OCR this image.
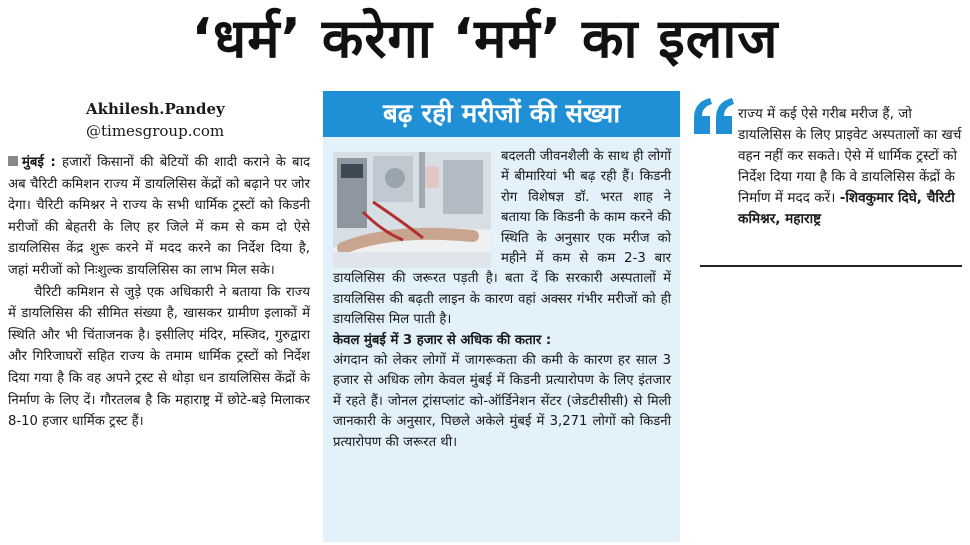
‘धर्म’ करेगा ‘मर्म’ का इलाज
Akhilesh.Pandey
@timesgroup.com

मुंबई : हजारों किसानों की बेटियों की शादी कराने के बाद अब चैरिटी कमिशन राज्य में डायलिसिस केंद्रों को बढ़ाने पर जोर देगा। चैरिटी कमिश्नर ने राज्य के सभी धार्मिक ट्रस्टों को किडनी मरीजों की बेहतरी के लिए हर जिले में कम से कम दो ऐसे डायलिसिस केंद्र शुरू करने में मदद करने का निर्देश दिया है, जहां मरीजों को निःशुल्क डायलिसिस का लाभ मिल सके।

चैरिटी कमिशन से जुड़े एक अधिकारी ने बताया कि राज्य में डायलिसिस की सीमित संख्या है, खासकर ग्रामीण इलाकों में स्थिति और भी चिंताजनक है। इसीलिए मंदिर, मस्जिद, गुरुद्वारा और गिरिजाघरों सहित राज्य के तमाम धार्मिक ट्रस्टों को निर्देश दिया गया है कि वह अपने ट्रस्ट से थोड़ा धन डायलिसिस केंद्रों के निर्माण के लिए दें। गौरतलब है कि महाराष्ट्र में छोटे-बड़े मिलाकर 8-10 हजार धार्मिक ट्रस्ट हैं।

बढ़ रही मरीजों की संख्या

बदलती जीवनशैली के साथ ही लोगों में बीमारियां भी बढ़ रही हैं। किडनी रोग विशेषज्ञ डॉ. भरत शाह ने बताया कि किडनी के काम करने की स्थिति के अनुसार एक मरीज को महीने में कम से कम 2-3 बार डायलिसिस की जरूरत पड़ती है। बता दें कि सरकारी अस्पतालों में डायलिसिस की बढ़ती लाइन के कारण वहां अक्सर गंभीर मरीजों को ही डायलिसिस मिल पाती है।

केवल मुंबई में 3 हजार से अधिक की कतार :

अंगदान को लेकर लोगों में जागरूकता की कमी के कारण हर साल 3 हजार से अधिक लोग केवल मुंबई में किडनी प्रत्यारोपण के लिए इंतजार में रहते हैं। जोनल ट्रांसप्लांट को-ऑर्डिनेशन सेंटर (जेडटीसीसी) से मिली जानकारी के अनुसार, पिछले अकेले मुंबई में 3,271 लोगों को किडनी प्रत्यारोपण की जरूरत थी।

राज्य में कई ऐसे गरीब मरीज हैं, जो डायलिसिस के लिए प्राइवेट अस्पतालों का खर्च वहन नहीं कर सकते। ऐसे में धार्मिक ट्रस्टों को निर्देश दिया गया है कि वे डायलिसिस केंद्रों के निर्माण में मदद करें। -शिवकुमार दिघे, चैरिटी कमिश्नर, महाराष्ट्र
